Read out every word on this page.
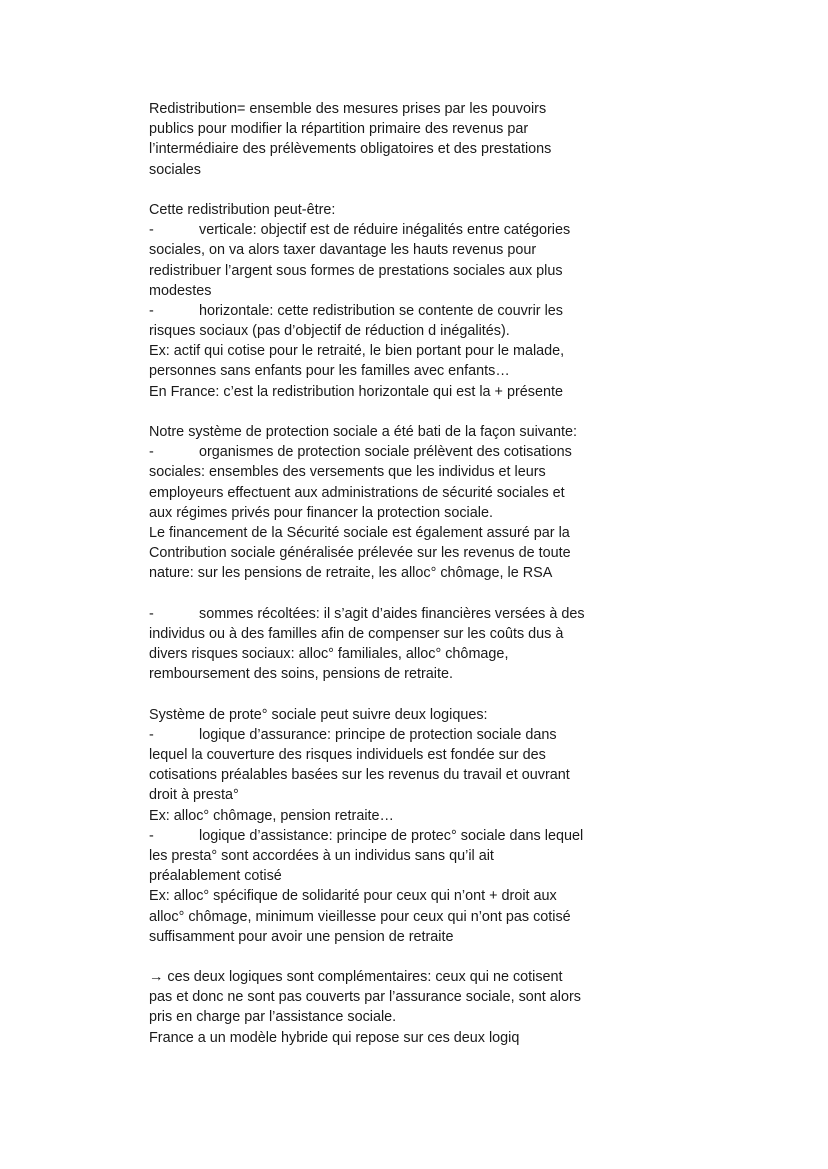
Redistribution= ensemble des mesures prises par les pouvoirs
publics pour modifier la répartition primaire des revenus par
l’intermédiaire des prélèvements obligatoires et des prestations
sociales
Cette redistribution peut-être:
-	verticale: objectif est de réduire inégalités entre catégories
sociales, on va alors taxer davantage les hauts revenus pour
redistribuer l’argent sous formes de prestations sociales aux plus
modestes
-	horizontale: cette redistribution se contente de couvrir les
risques sociaux (pas d’objectif de réduction d inégalités).
Ex: actif qui cotise pour le retraité, le bien portant pour le malade,
personnes sans enfants pour les familles avec enfants…
En France: c’est la redistribution horizontale qui est la + présente
Notre système de protection sociale a été bati de la façon suivante:
-	organismes de protection sociale prélèvent des cotisations
sociales: ensembles des versements que les individus et leurs
employeurs effectuent aux administrations de sécurité sociales et
aux régimes privés pour financer la protection sociale.
Le financement de la Sécurité sociale est également assuré par la
Contribution sociale généralisée prélevée sur les revenus de toute
nature: sur les pensions de retraite, les alloc° chômage, le RSA
-	sommes récoltées: il s’agit d’aides financières versées à des
individus ou à des familles afin de compenser sur les coûts dus à
divers risques sociaux: alloc° familiales, alloc° chômage,
remboursement des soins, pensions de retraite.
Système de prote° sociale peut suivre deux logiques:
-	logique d’assurance: principe de protection sociale dans
lequel la couverture des risques individuels est fondée sur des
cotisations préalables basées sur les revenus du travail et ouvrant
droit à presta°
Ex: alloc° chômage, pension retraite…
-	logique d’assistance: principe de protec° sociale dans lequel
les presta° sont accordées à un individus sans qu’il ait
préalablement cotisé
Ex: alloc° spécifique de solidarité pour ceux qui n’ont + droit aux
alloc° chômage, minimum vieillesse pour ceux qui n’ont pas cotisé
suffisamment pour avoir une pension de retraite
→ ces deux logiques sont complémentaires: ceux qui ne cotisent
pas et donc ne sont pas couverts par l’assurance sociale, sont alors
pris en charge par l’assistance sociale.
France a un modèle hybride qui repose sur ces deux logiq
